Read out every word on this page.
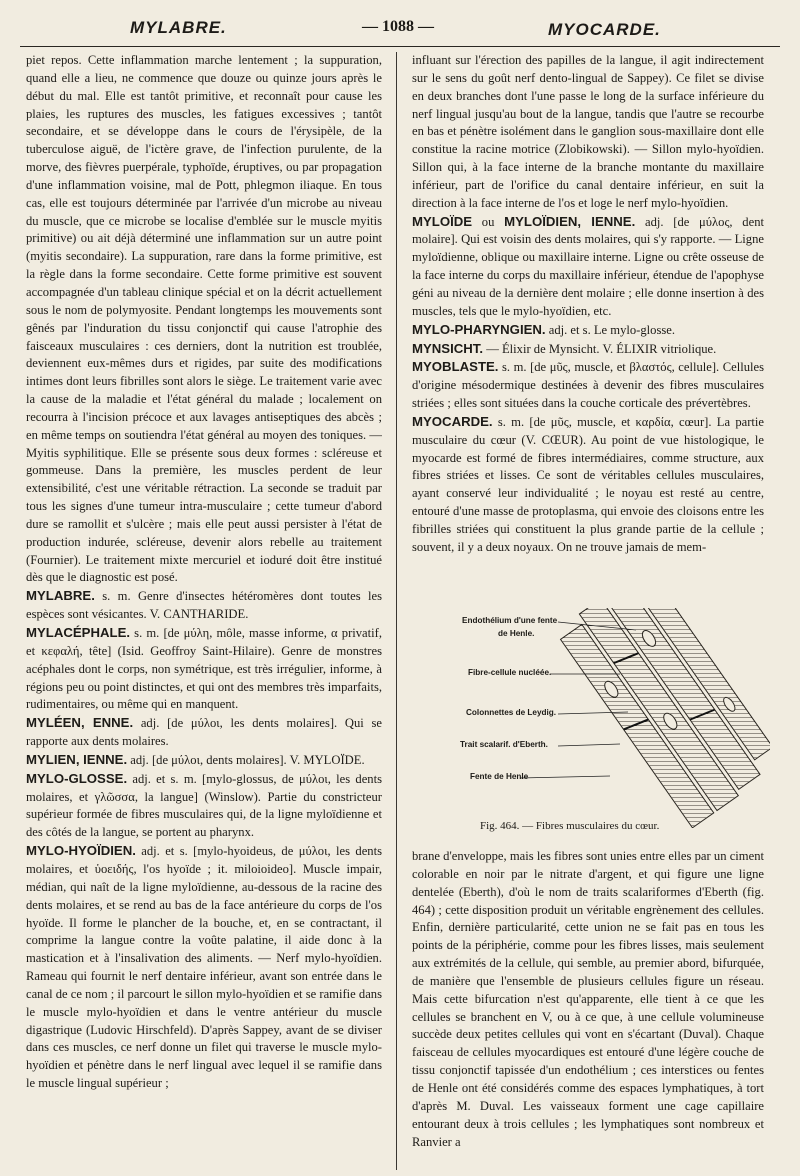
MYLABRE.	— 1088 —	MYOCARDE.

piet repos. Cette inflammation marche lentement ; la suppuration, quand elle a lieu, ne commence que douze ou quinze jours après le début du mal. Elle est tantôt primitive, et reconnaît pour cause les plaies, les ruptures des muscles, les fatigues excessives ; tantôt secondaire, et se développe dans le cours de l'érysipèle, de la tuberculose aiguë, de l'ictère grave, de l'infection purulente, de la morve, des fièvres puerpérale, typhoïde, éruptives, ou par propagation d'une inflammation voisine, mal de Pott, phlegmon iliaque. En tous cas, elle est toujours déterminée par l'arrivée d'un microbe au niveau du muscle, que ce microbe se localise d'emblée sur le muscle myitis primitive) ou ait déjà déterminé une inflammation sur un autre point (myitis secondaire). La suppuration, rare dans la forme primitive, est la règle dans la forme secondaire. Cette forme primitive est souvent accompagnée d'un tableau clinique spécial et on la décrit actuellement sous le nom de polymyosite. Pendant longtemps les mouvements sont gênés par l'induration du tissu conjonctif qui cause l'atrophie des faisceaux musculaires : ces derniers, dont la nutrition est troublée, deviennent eux-mêmes durs et rigides, par suite des modifications intimes dont leurs fibrilles sont alors le siège. Le traitement varie avec la cause de la maladie et l'état général du malade ; localement on recourra à l'incision précoce et aux lavages antiseptiques des abcès ; en même temps on soutiendra l'état général au moyen des toniques. — Myitis syphilitique. Elle se présente sous deux formes : scléreuse et gommeuse. Dans la première, les muscles perdent de leur extensibilité, c'est une véritable rétraction. La seconde se traduit par tous les signes d'une tumeur intra-musculaire ; cette tumeur d'abord dure se ramollit et s'ulcère ; mais elle peut aussi persister à l'état de production indurée, scléreuse, devenir alors rebelle au traitement (Fournier). Le traitement mixte mercuriel et ioduré doit être institué dès que le diagnostic est posé.

MYLABRE. s. m. Genre d'insectes hétéromères dont toutes les espèces sont vésicantes. V. CANTHARIDE.

MYLACÉPHALE. s. m. [de μύλη, môle, masse informe, α privatif, et κεφαλή, tête] (Isid. Geoffroy Saint-Hilaire). Genre de monstres acéphales dont le corps, non symétrique, est très irrégulier, informe, à régions peu ou point distinctes, et qui ont des membres très imparfaits, rudimentaires, ou même qui en manquent.

MYLÉEN, ENNE. adj. [de μύλοι, les dents molaires]. Qui se rapporte aux dents molaires.

MYLIEN, IENNE. adj. [de μύλοι, dents molaires]. V. MYLOÏDE.

MYLO-GLOSSE. adj. et s. m. [mylo-glossus, de μύλοι, les dents molaires, et γλῶσσα, la langue] (Winslow). Partie du constricteur supérieur formée de fibres musculaires qui, de la ligne myloïdienne et des côtés de la langue, se portent au pharynx.

MYLO-HYOÏDIEN. adj. et s. [mylo-hyoideus, de μύλοι, les dents molaires, et ὑοειδής, l'os hyoïde ; it. miloioideo]. Muscle impair, médian, qui naît de la ligne myloïdienne, au-dessous de la racine des dents molaires, et se rend au bas de la face antérieure du corps de l'os hyoïde. Il forme le plancher de la bouche, et, en se contractant, il comprime la langue contre la voûte palatine, il aide donc à la mastication et à l'insalivation des aliments. — Nerf mylo-hyoïdien. Rameau qui fournit le nerf dentaire inférieur, avant son entrée dans le canal de ce nom ; il parcourt le sillon mylo-hyoïdien et se ramifie dans le muscle mylo-hyoïdien et dans le ventre antérieur du muscle digastrique (Ludovic Hirschfeld). D'après Sappey, avant de se diviser dans ces muscles, ce nerf donne un filet qui traverse le muscle mylo-hyoïdien et pénètre dans le nerf lingual avec lequel il se ramifie dans le muscle lingual supérieur ;

influant sur l'érection des papilles de la langue, il agit indirectement sur le sens du goût nerf dento-lingual de Sappey). Ce filet se divise en deux branches dont l'une passe le long de la surface inférieure du nerf lingual jusqu'au bout de la langue, tandis que l'autre se recourbe en bas et pénètre isolément dans le ganglion sous-maxillaire dont elle constitue la racine motrice (Zlobikowski). — Sillon mylo-hyoïdien. Sillon qui, à la face interne de la branche montante du maxillaire inférieur, part de l'orifice du canal dentaire inférieur, en suit la direction à la face interne de l'os et loge le nerf mylo-hyoïdien.

MYLOÏDE ou MYLOÏDIEN, IENNE. adj. [de μύλος, dent molaire]. Qui est voisin des dents molaires, qui s'y rapporte. — Ligne myloïdienne, oblique ou maxillaire interne. Ligne ou crête osseuse de la face interne du corps du maxillaire inférieur, étendue de l'apophyse géni au niveau de la dernière dent molaire ; elle donne insertion à des muscles, tels que le mylo-hyoïdien, etc.

MYLO-PHARYNGIEN. adj. et s. Le mylo-glosse.

MYNSICHT. — Élixir de Mynsicht. V. ÉLIXIR vitriolique.

MYOBLASTE. s. m. [de μῦς, muscle, et βλαστός, cellule]. Cellules d'origine mésodermique destinées à devenir des fibres musculaires striées ; elles sont situées dans la couche corticale des prévertèbres.

MYOCARDE. s. m. [de μῦς, muscle, et καρδία, cœur]. La partie musculaire du cœur (V. CŒUR). Au point de vue histologique, le myocarde est formé de fibres intermédiaires, comme structure, aux fibres striées et lisses. Ce sont de véritables cellules musculaires, ayant conservé leur individualité ; le noyau est resté au centre, entouré d'une masse de protoplasma, qui envoie des cloisons entre les fibrilles striées qui constituent la plus grande partie de la cellule ; souvent, il y a deux noyaux. On ne trouve jamais de mem-

Endothélium d'une fente
de Henle.
Fibre-cellule nucléée.
Colonnettes de Leydig.
Trait scalarif. d'Eberth.
Fente de Henle
Fig. 464. — Fibres musculaires du cœur.

brane d'enveloppe, mais les fibres sont unies entre elles par un ciment colorable en noir par le nitrate d'argent, et qui figure une ligne dentelée (Eberth), d'où le nom de traits scalariformes d'Eberth (fig. 464) ; cette disposition produit un véritable engrènement des cellules. Enfin, dernière particularité, cette union ne se fait pas en tous les points de la périphérie, comme pour les fibres lisses, mais seulement aux extrémités de la cellule, qui semble, au premier abord, bifurquée, de manière que l'ensemble de plusieurs cellules figure un réseau. Mais cette bifurcation n'est qu'apparente, elle tient à ce que les cellules se branchent en V, ou à ce que, à une cellule volumineuse succède deux petites cellules qui vont en s'écartant (Duval). Chaque faisceau de cellules myocardiques est entouré d'une légère couche de tissu conjonctif tapissée d'un endothélium ; ces interstices ou fentes de Henle ont été considérés comme des espaces lymphatiques, à tort d'après M. Duval. Les vaisseaux forment une cage capillaire entourant deux à trois cellules ; les lymphatiques sont nombreux et Ranvier a
